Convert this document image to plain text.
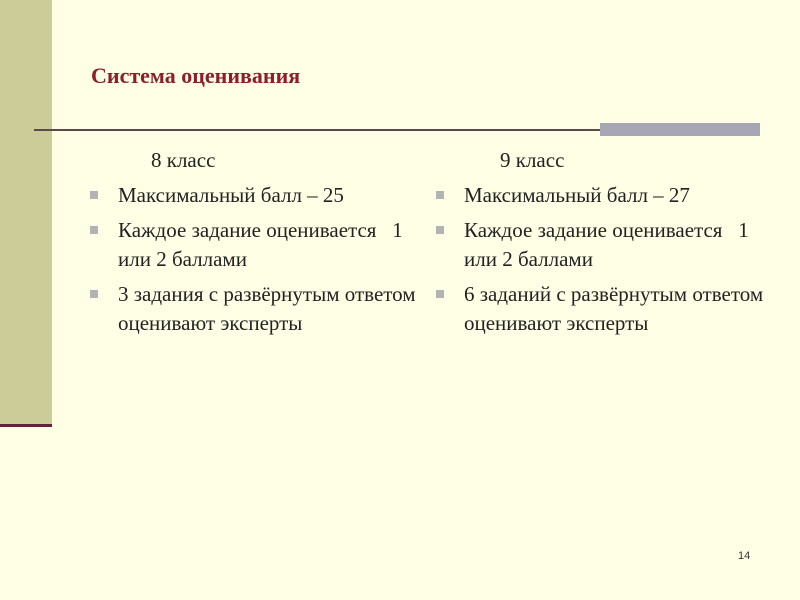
Система оценивания
8 класс
Максимальный балл – 25
Каждое задание оценивается   1 или 2 баллами
3 задания с развёрнутым ответом оценивают эксперты
9 класс
Максимальный балл – 27
Каждое задание оценивается   1 или 2 баллами
6 заданий с развёрнутым ответом оценивают эксперты
14
